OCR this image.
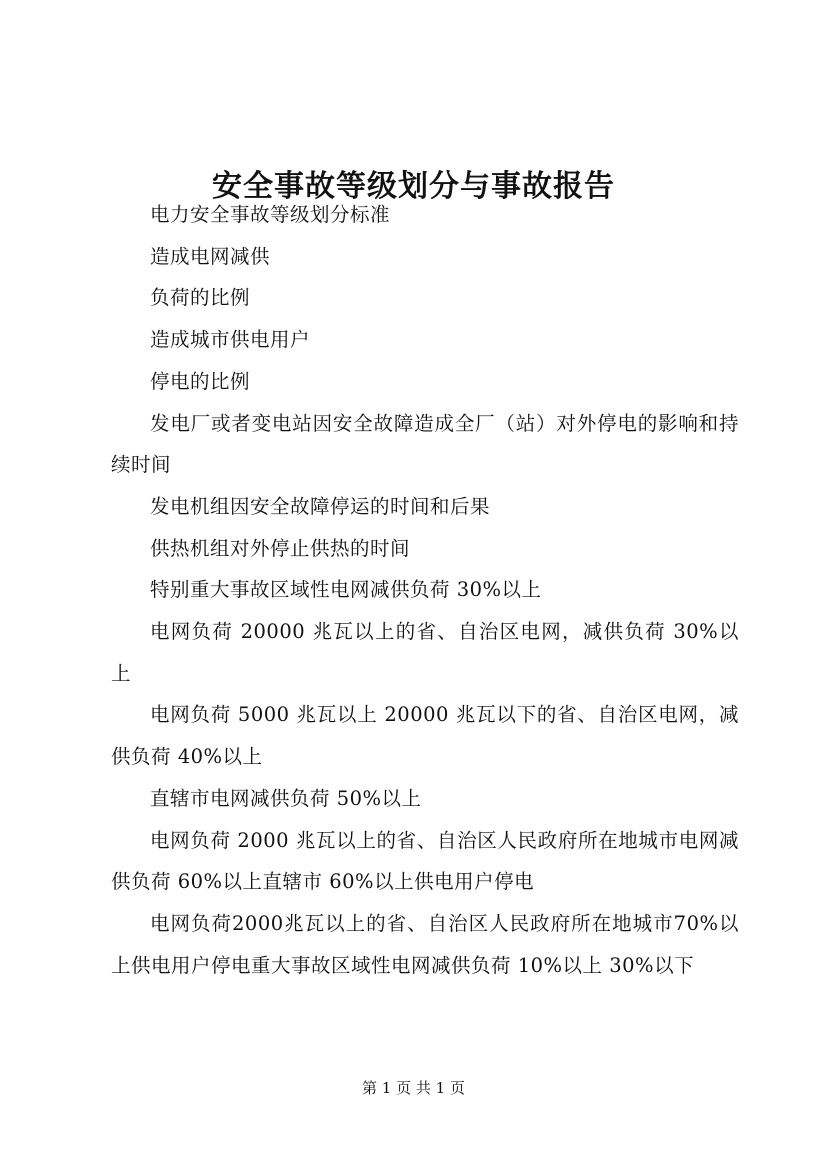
安全事故等级划分与事故报告

电力安全事故等级划分标准

造成电网减供

负荷的比例

造成城市供电用户

停电的比例

发电厂或者变电站因安全故障造成全厂（站）对外停电的影响和持续时间

发电机组因安全故障停运的时间和后果

供热机组对外停止供热的时间

特别重大事故区域性电网减供负荷 30%以上

电网负荷 20000 兆瓦以上的省、自治区电网，减供负荷 30%以上

电网负荷 5000 兆瓦以上 20000 兆瓦以下的省、自治区电网，减供负荷 40%以上

直辖市电网减供负荷 50%以上

电网负荷 2000 兆瓦以上的省、自治区人民政府所在地城市电网减供负荷 60%以上直辖市 60%以上供电用户停电

电网负荷2000兆瓦以上的省、自治区人民政府所在地城市70%以上供电用户停电重大事故区域性电网减供负荷 10%以上 30%以下

第 1 页 共 1 页
